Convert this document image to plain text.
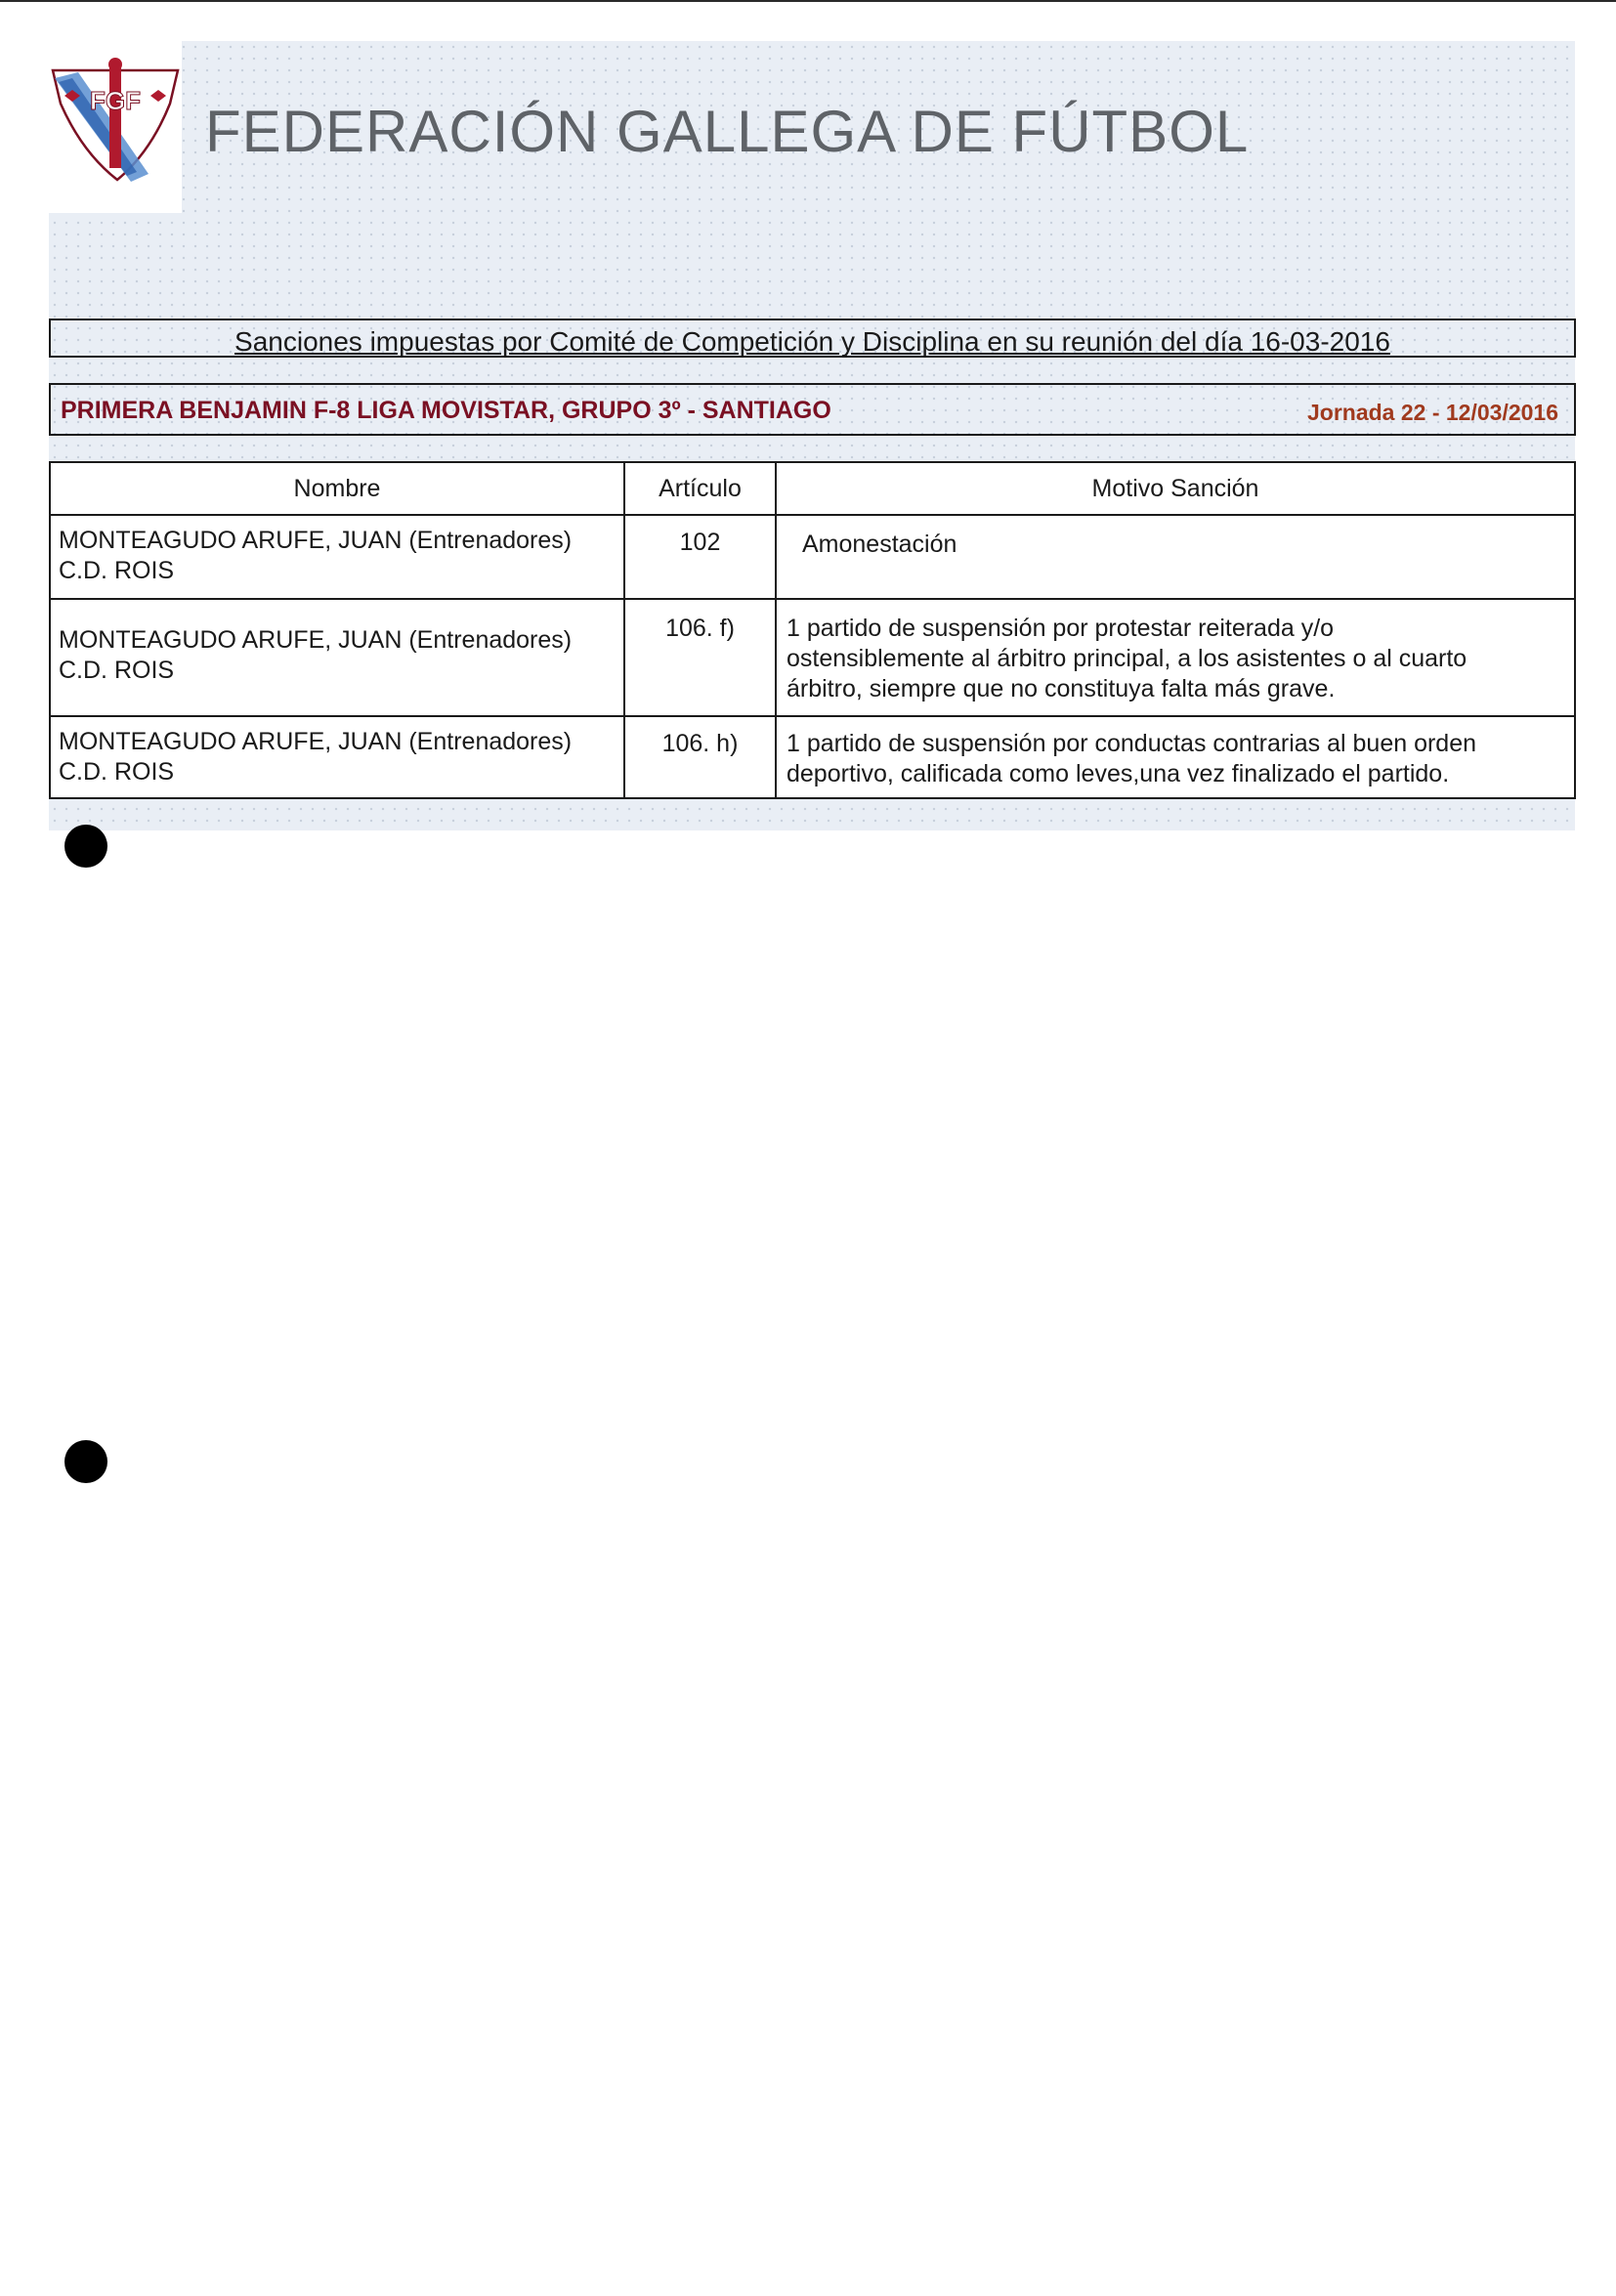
FGF FEDERACIÓN GALLEGA DE FÚTBOL
Sanciones impuestas por Comité de Competición y Disciplina en su reunión del día 16-03-2016
PRIMERA BENJAMIN F-8 LIGA MOVISTAR, GRUPO 3º - SANTIAGO	Jornada 22 - 12/03/2016
Nombre	Artículo	Motivo Sanción

MONTEAGUDO ARUFE, JUAN (Entrenadores)
C.D. ROIS	102	Amonestación

MONTEAGUDO ARUFE, JUAN (Entrenadores)
C.D. ROIS	106. f)	1 partido de suspensión por protestar reiterada y/o
ostensiblemente al árbitro principal, a los asistentes o al cuarto
árbitro, siempre que no constituya falta más grave.

MONTEAGUDO ARUFE, JUAN (Entrenadores)
C.D. ROIS	106. h)	1 partido de suspensión por conductas contrarias al buen orden
deportivo, calificada como leves,una vez finalizado el partido.
